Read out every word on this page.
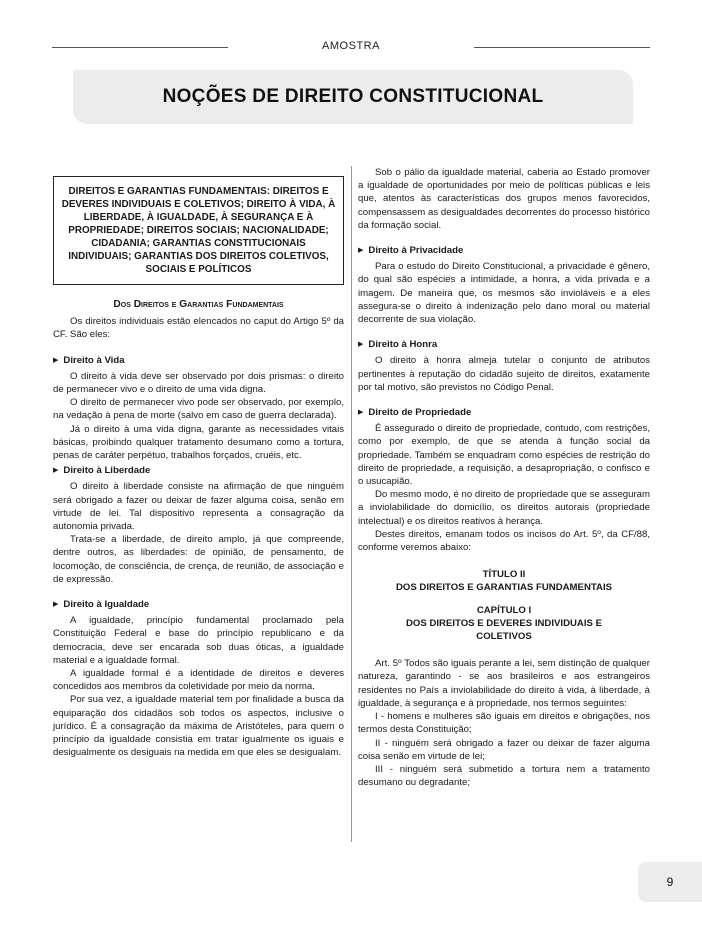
AMOSTRA
NOÇÕES DE DIREITO CONSTITUCIONAL
DIREITOS E GARANTIAS FUNDAMENTAIS: DIREITOS E DEVERES INDIVIDUAIS E COLETIVOS; DIREITO À VIDA, À LIBERDADE, À IGUALDADE, À SEGURANÇA E À PROPRIEDADE; DIREITOS SOCIAIS; NACIONALIDADE; CIDADANIA; GARANTIAS CONSTITUCIONAIS INDIVIDUAIS; GARANTIAS DOS DIREITOS COLETIVOS, SOCIAIS E POLÍTICOS

Dos Direitos e Garantias Fundamentais

Os direitos individuais estão elencados no caput do Artigo 5º da CF. São eles:

▶ Direito à Vida

O direito à vida deve ser observado por dois prismas: o direito de permanecer vivo e o direito de uma vida digna.

O direito de permanecer vivo pode ser observado, por exemplo, na vedação à pena de morte (salvo em caso de guerra declarada).

Já o direito à uma vida digna, garante as necessidades vitais básicas, proibindo qualquer tratamento desumano como a tortura, penas de caráter perpétuo, trabalhos forçados, cruéis, etc.

▶ Direito à Liberdade

O direito à liberdade consiste na afirmação de que ninguém será obrigado a fazer ou deixar de fazer alguma coisa, senão em virtude de lei. Tal dispositivo representa a consagração da autonomia privada.

Trata-se a liberdade, de direito amplo, já que compreende, dentre outros, as liberdades: de opinião, de pensamento, de locomoção, de consciência, de crença, de reunião, de associação e de expressão.

▶ Direito à Igualdade

A igualdade, princípio fundamental proclamado pela Constituição Federal e base do princípio republicano e da democracia, deve ser encarada sob duas óticas, a igualdade material e a igualdade formal.

A igualdade formal é a identidade de direitos e deveres concedidos aos membros da coletividade por meio da norma.

Por sua vez, a igualdade material tem por finalidade a busca da equiparação dos cidadãos sob todos os aspectos, inclusive o jurídico. É a consagração da máxima de Aristóteles, para quem o princípio da igualdade consistia em tratar igualmente os iguais e desigualmente os desiguais na medida em que eles se desigualam.

Sob o pálio da igualdade material, caberia ao Estado promover a igualdade de oportunidades por meio de políticas públicas e leis que, atentos às características dos grupos menos favorecidos, compensassem as desigualdades decorrentes do processo histórico da formação social.

▶ Direito à Privacidade

Para o estudo do Direito Constitucional, a privacidade é gênero, do qual são espécies a intimidade, a honra, a vida privada e a imagem. De maneira que, os mesmos são invioláveis e a eles assegura-se o direito à indenização pelo dano moral ou material decorrente de sua violação.

▶ Direito à Honra

O direito à honra almeja tutelar o conjunto de atributos pertinentes à reputação do cidadão sujeito de direitos, exatamente por tal motivo, são previstos no Código Penal.

▶ Direito de Propriedade

É assegurado o direito de propriedade, contudo, com restrições, como por exemplo, de que se atenda à função social da propriedade. Também se enquadram como espécies de restrição do direito de propriedade, a requisição, a desapropriação, o confisco e o usucapião.

Do mesmo modo, é no direito de propriedade que se asseguram a inviolabilidade do domicílio, os direitos autorais (propriedade intelectual) e os direitos reativos à herança.

Destes direitos, emanam todos os incisos do Art. 5º, da CF/88, conforme veremos abaixo:

TÍTULO II

DOS DIREITOS E GARANTIAS FUNDAMENTAIS

CAPÍTULO I

DOS DIREITOS E DEVERES INDIVIDUAIS E

COLETIVOS

Art. 5º Todos são iguais perante a lei, sem distinção de qualquer natureza, garantindo - se aos brasileiros e aos estrangeiros residentes no País a inviolabilidade do direito à vida, à liberdade, à igualdade, à segurança e à propriedade, nos termos seguintes:

I - homens e mulheres são iguais em direitos e obrigações, nos termos desta Constituição;

II - ninguém será obrigado a fazer ou deixar de fazer alguma coisa senão em virtude de lei;

III - ninguém será submetido a tortura nem a tratamento desumano ou degradante;

9
